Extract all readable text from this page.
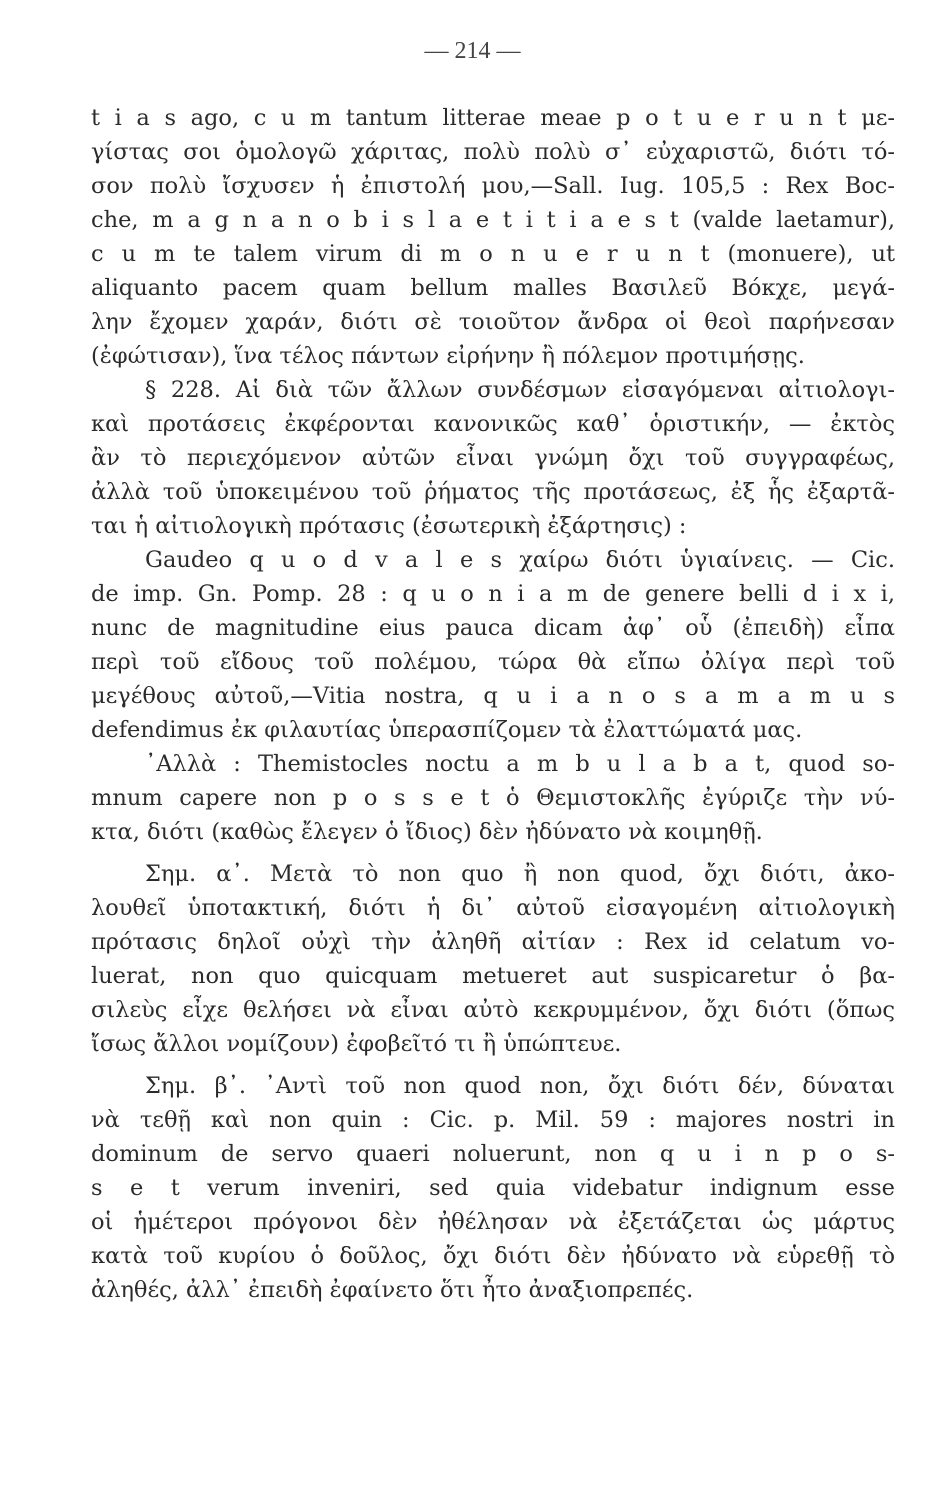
— 214 —
t i a s ago, c u m tantum litterae meae p o t u e r u n t με-
γίστας σοι ὁμολογῶ χάριτας, πολὺ πολὺ σ᾽ εὐχαριστῶ, διότι τό-
σον πολὺ ἴσχυσεν ἡ ἐπιστολή μου,—Sall. Iug. 105,5 : Rex Boc-
che, m a g n a n o b i s l a e t i t i a e s t (valde laetamur),
c u m te talem virum di m o n u e r u n t (monuere), ut
aliquanto pacem quam bellum malles Βασιλεῦ Βόκχε, μεγά-
λην ἔχομεν χαράν, διότι σὲ τοιοῦτον ἄνδρα οἱ θεοὶ παρήνεσαν
(ἐφώτισαν), ἵνα τέλος πάντων εἰρήνην ἢ πόλεμον προτιμήσῃς.
§ 228. Αἱ διὰ τῶν ἄλλων συνδέσμων εἰσαγόμεναι αἰτιολογι-
καὶ προτάσεις ἐκφέρονται κανονικῶς καθ᾽ ὁριστικήν, — ἐκτὸς
ἂν τὸ περιεχόμενον αὐτῶν εἶναι γνώμη ὄχι τοῦ συγγραφέως,
ἀλλὰ τοῦ ὑποκειμένου τοῦ ῥήματος τῆς προτάσεως, ἐξ ἧς ἐξαρτᾶ-
ται ἡ αἰτιολογικὴ πρότασις (ἐσωτερικὴ ἐξάρτησις) :
Gaudeo q u o d v a l e s χαίρω διότι ὑγιαίνεις. — Cic.
de imp. Gn. Pomp. 28 : q u o n i a m de genere belli d i x i,
nunc de magnitudine eius pauca dicam ἀφ᾽ οὗ (ἐπειδὴ) εἶπα
περὶ τοῦ εἴδους τοῦ πολέμου, τώρα θὰ εἴπω ὀλίγα περὶ τοῦ
μεγέθους αὐτοῦ,—Vitia nostra, q u i a n o s a m a m u s
defendimus ἐκ φιλαυτίας ὑπερασπίζομεν τὰ ἐλαττώματά μας.
᾽Αλλὰ : Themistocles noctu a m b u l a b a t, quod so-
mnum capere non p o s s e t ὁ Θεμιστοκλῆς ἐγύριζε τὴν νύ-
κτα, διότι (καθὼς ἔλεγεν ὁ ἴδιος) δὲν ἠδύνατο νὰ κοιμηθῇ.
Σημ. α᾽. Μετὰ τὸ non quo ἢ non quod, ὄχι διότι, ἀκο-
λουθεῖ ὑποτακτική, διότι ἡ δι᾽ αὐτοῦ εἰσαγομένη αἰτιολογικὴ
πρότασις δηλοῖ οὐχὶ τὴν ἀληθῆ αἰτίαν : Rex id celatum vo-
luerat, non quo quicquam metueret aut suspicaretur ὁ βα-
σιλεὺς εἶχε θελήσει νὰ εἶναι αὐτὸ κεκρυμμένον, ὄχι διότι (ὅπως
ἴσως ἄλλοι νομίζουν) ἐφοβεῖτό τι ἢ ὑπώπτευε.
Σημ. β᾽. ᾽Αντὶ τοῦ non quod non, ὄχι διότι δέν, δύναται
νὰ τεθῇ καὶ non quin : Cic. p. Mil. 59 : majores nostri in
dominum de servo quaeri noluerunt, non q u i n p o s-
s e t verum inveniri, sed quia videbatur indignum esse
οἱ ἡμέτεροι πρόγονοι δὲν ἠθέλησαν νὰ ἐξετάζεται ὡς μάρτυς
κατὰ τοῦ κυρίου ὁ δοῦλος, ὄχι διότι δὲν ἠδύνατο νὰ εὑρεθῇ τὸ
ἀληθές, ἀλλ᾽ ἐπειδὴ ἐφαίνετο ὅτι ἦτο ἀναξιοπρεπές.
